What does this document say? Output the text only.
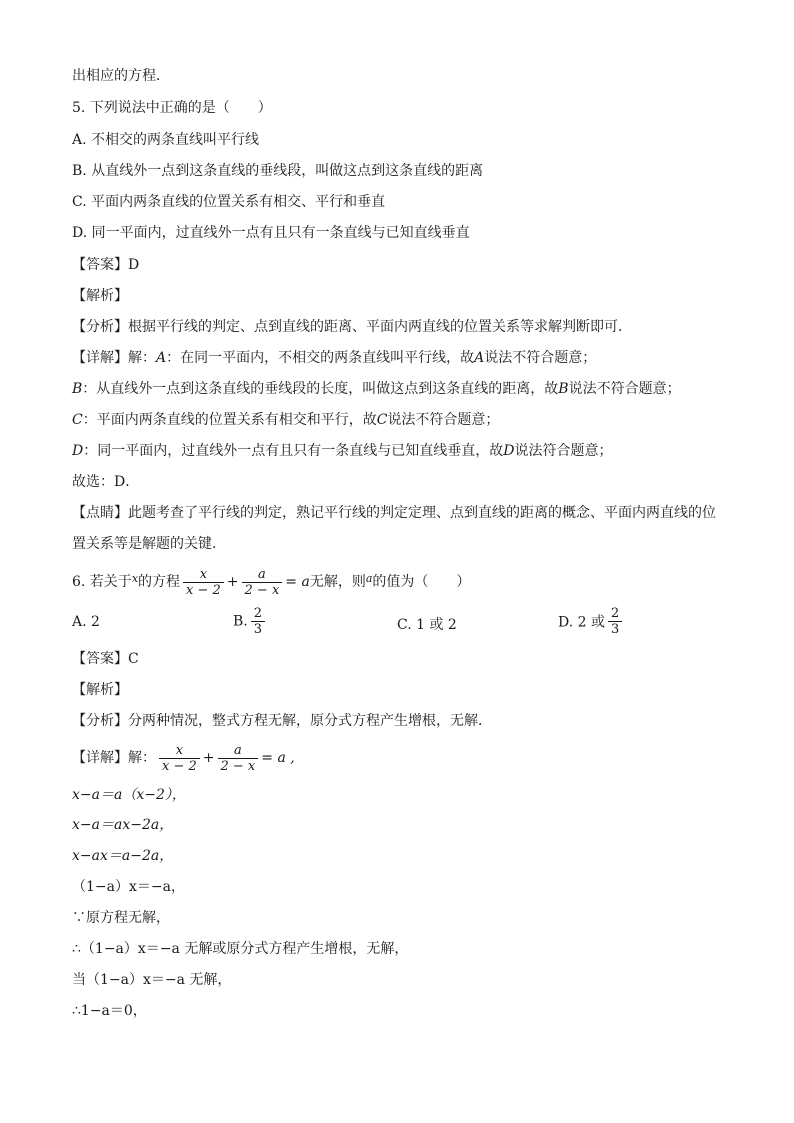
出相应的方程．
5. 下列说法中正确的是（　　）
A. 不相交的两条直线叫平行线
B. 从直线外一点到这条直线的垂线段，叫做这点到这条直线的距离
C. 平面内两条直线的位置关系有相交、平行和垂直
D. 同一平面内，过直线外一点有且只有一条直线与已知直线垂直
【答案】D
【解析】
【分析】根据平行线的判定、点到直线的距离、平面内两直线的位置关系等求解判断即可．
【详解】解：A：在同一平面内，不相交的两条直线叫平行线，故A说法不符合题意；
B：从直线外一点到这条直线的垂线段的长度，叫做这点到这条直线的距离，故B说法不符合题意；
C：平面内两条直线的位置关系有相交和平行，故C说法不符合题意；
D：同一平面内，过直线外一点有且只有一条直线与已知直线垂直，故D说法符合题意；
故选：D．
【点睛】此题考查了平行线的判定，熟记平行线的判定定理、点到直线的距离的概念、平面内两直线的位
置关系等是解题的关键．
6. 若关于$^x$的方程 $\frac{x}{x - 2} + \frac{a}{2 - x} = a$无解，则$^a$的值为（　　）
A. 2	B. $\frac{2}{3}$	C. 1 或 2	D. 2 或 $\frac{2}{3}$
【答案】C
【解析】
【分析】分两种情况，整式方程无解，原分式方程产生增根，无解．
【详解】解： $\frac{x}{x - 2} + \frac{a}{2 - x} = a$ ,
x−a＝a（x−2），
x−a＝ax−2a，
x−ax＝a−2a，
（1−a）x＝−a，
∵原方程无解，
∴（1−a）x＝−a 无解或原分式方程产生增根，无解，
当（1−a）x＝−a 无解，
∴1−a＝0，
